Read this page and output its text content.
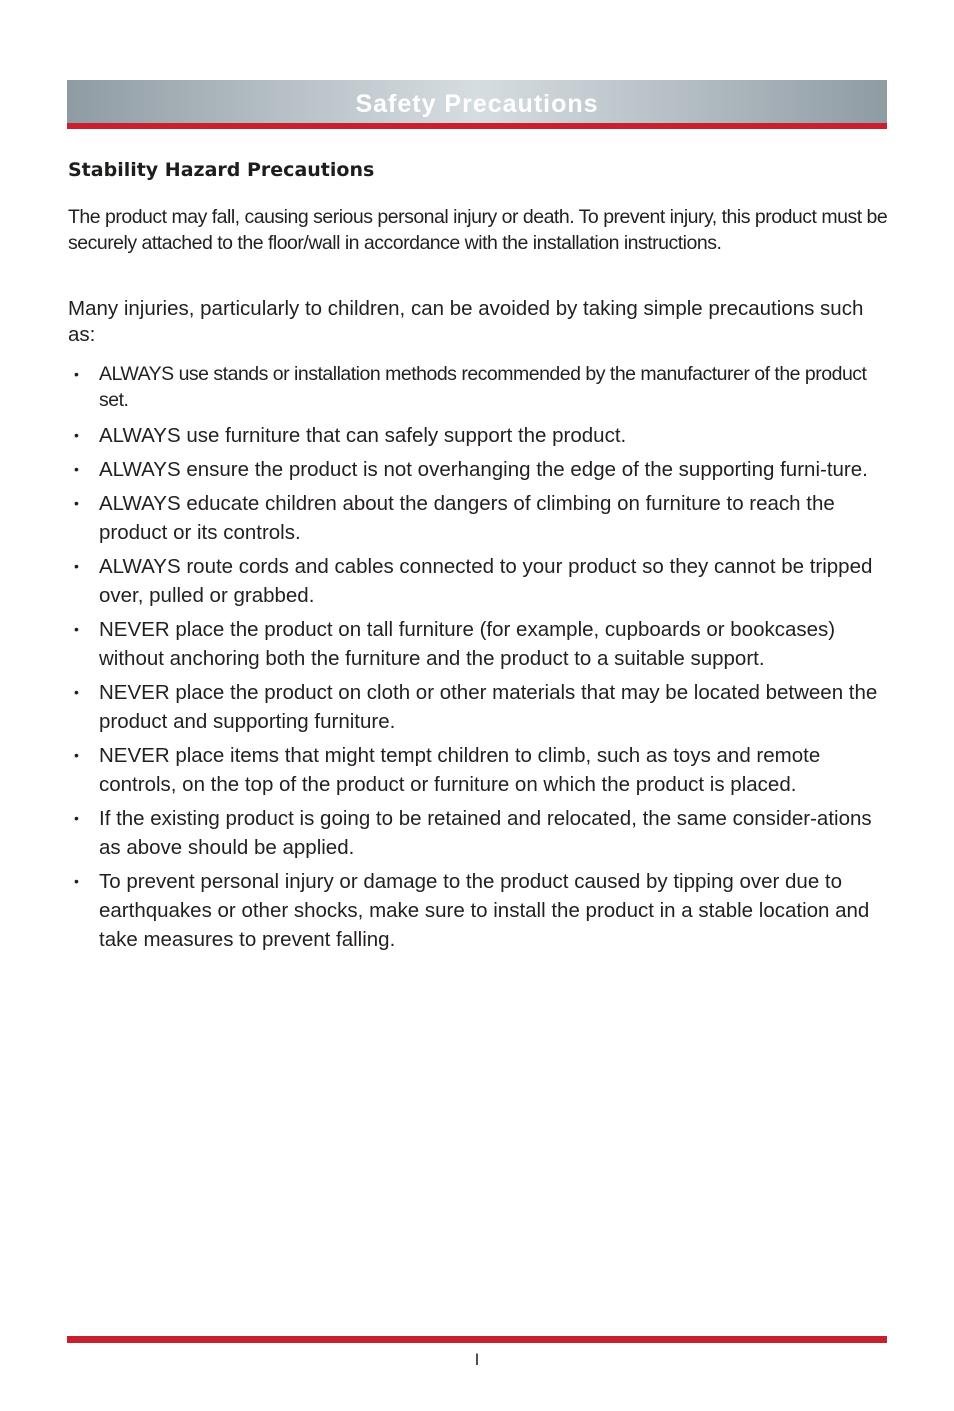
Safety Precautions
Stability Hazard Precautions

The product may fall, causing serious personal injury or death. To prevent injury, this product must be securely attached to the floor/wall in accordance with the installation instructions.

Many injuries, particularly to children, can be avoided by taking simple precautions such as:

• ALWAYS use stands or installation methods recommended by the manufacturer of the product set.
• ALWAYS use furniture that can safely support the product.
• ALWAYS ensure the product is not overhanging the edge of the supporting furni-ture.
• ALWAYS educate children about the dangers of climbing on furniture to reach the product or its controls.
• ALWAYS route cords and cables connected to your product so they cannot be tripped over, pulled or grabbed.
• NEVER place the product on tall furniture (for example, cupboards or bookcases) without anchoring both the furniture and the product to a suitable support.
• NEVER place the product on cloth or other materials that may be located between the product and supporting furniture.
• NEVER place items that might tempt children to climb, such as toys and remote controls, on the top of the product or furniture on which the product is placed.
• If the existing product is going to be retained and relocated, the same consider-ations as above should be applied.
• To prevent personal injury or damage to the product caused by tipping over due to earthquakes or other shocks, make sure to install the product in a stable location and take measures to prevent falling.
I
